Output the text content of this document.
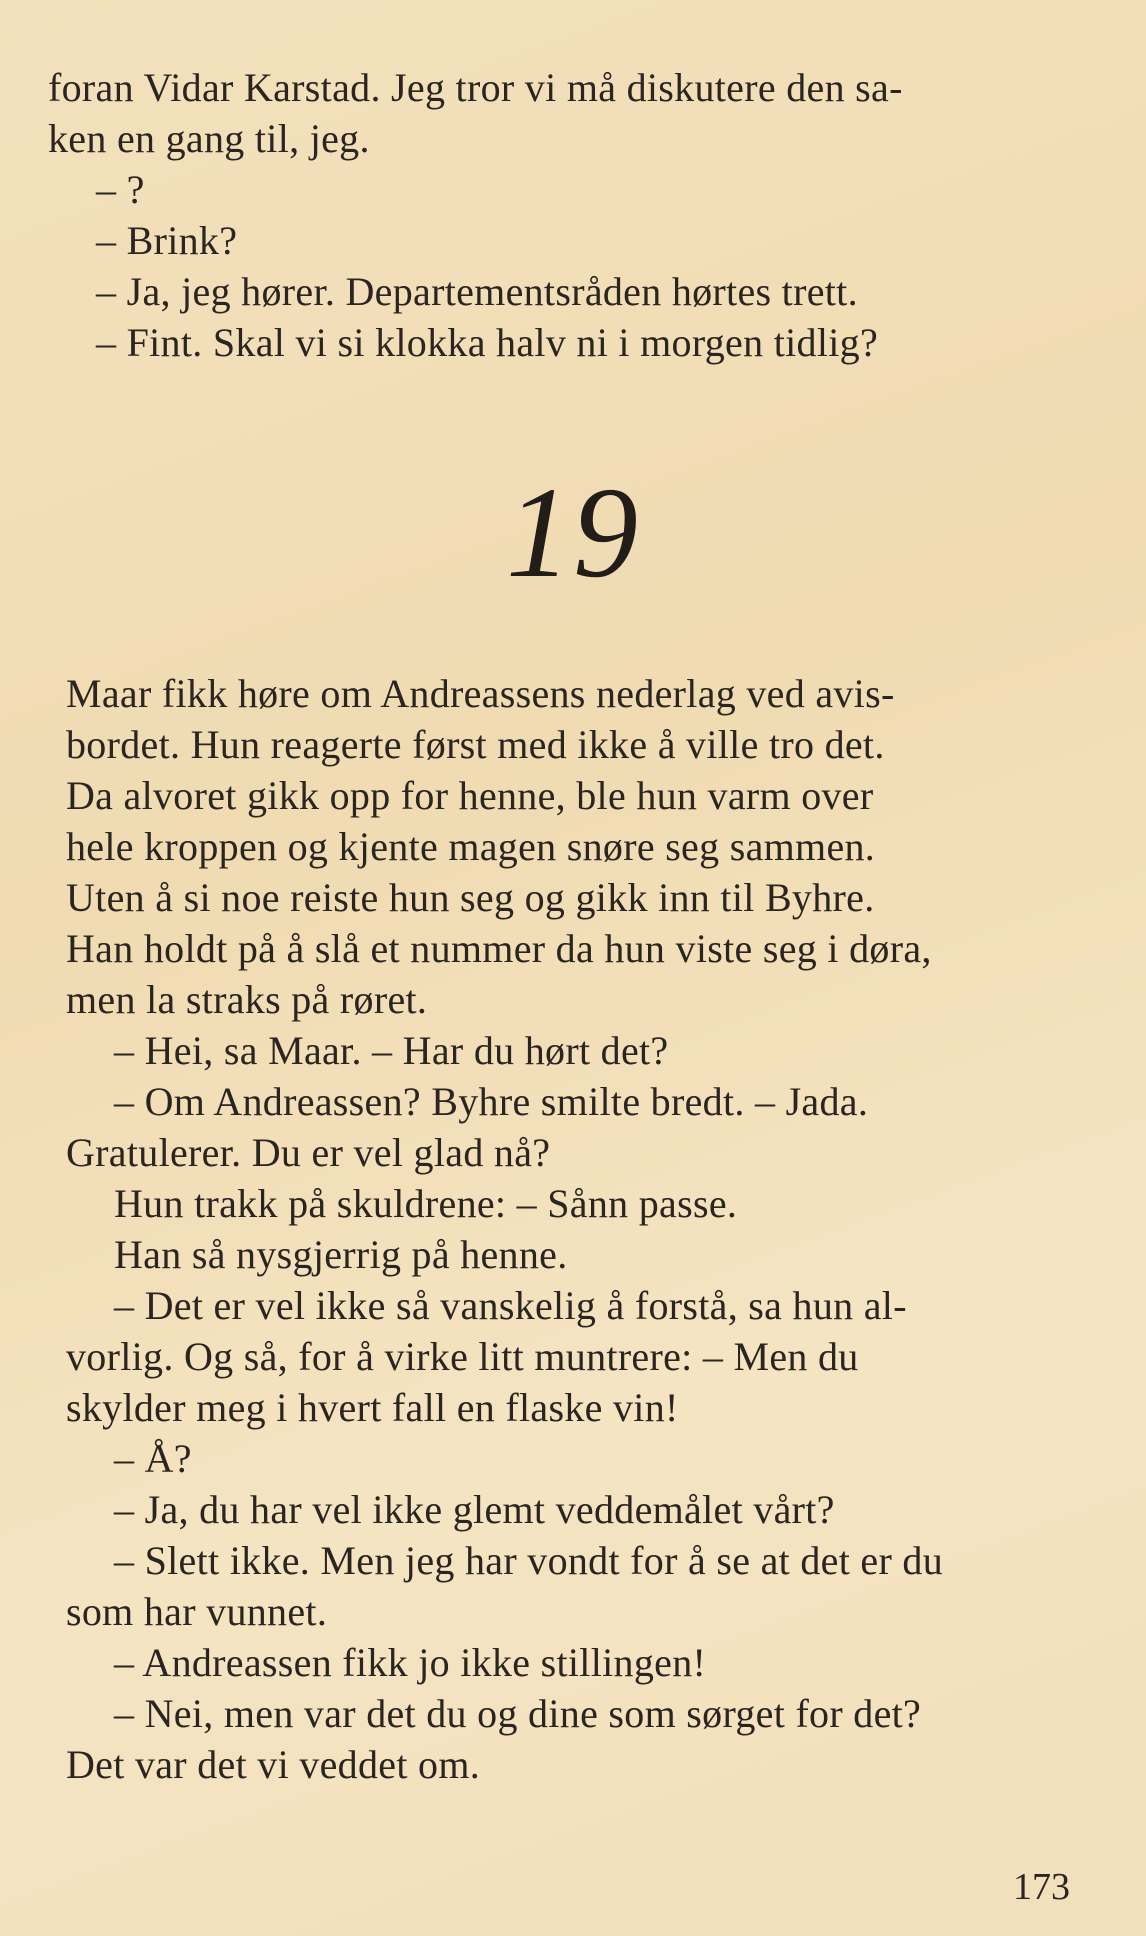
foran Vidar Karstad. Jeg tror vi må diskutere den sa-

ken en gang til, jeg.

– ?

– Brink?

– Ja, jeg hører. Departementsråden hørtes trett.

– Fint. Skal vi si klokka halv ni i morgen tidlig?

19

Maar fikk høre om Andreassens nederlag ved avis-

bordet. Hun reagerte først med ikke å ville tro det.

Da alvoret gikk opp for henne, ble hun varm over

hele kroppen og kjente magen snøre seg sammen.

Uten å si noe reiste hun seg og gikk inn til Byhre.

Han holdt på å slå et nummer da hun viste seg i døra,

men la straks på røret.

– Hei, sa Maar. – Har du hørt det?

– Om Andreassen? Byhre smilte bredt. – Jada.

Gratulerer. Du er vel glad nå?

Hun trakk på skuldrene: – Sånn passe.

Han så nysgjerrig på henne.

– Det er vel ikke så vanskelig å forstå, sa hun al-

vorlig. Og så, for å virke litt muntrere: – Men du

skylder meg i hvert fall en flaske vin!

– Å?

– Ja, du har vel ikke glemt veddemålet vårt?

– Slett ikke. Men jeg har vondt for å se at det er du

som har vunnet.

– Andreassen fikk jo ikke stillingen!

– Nei, men var det du og dine som sørget for det?

Det var det vi veddet om.

173
